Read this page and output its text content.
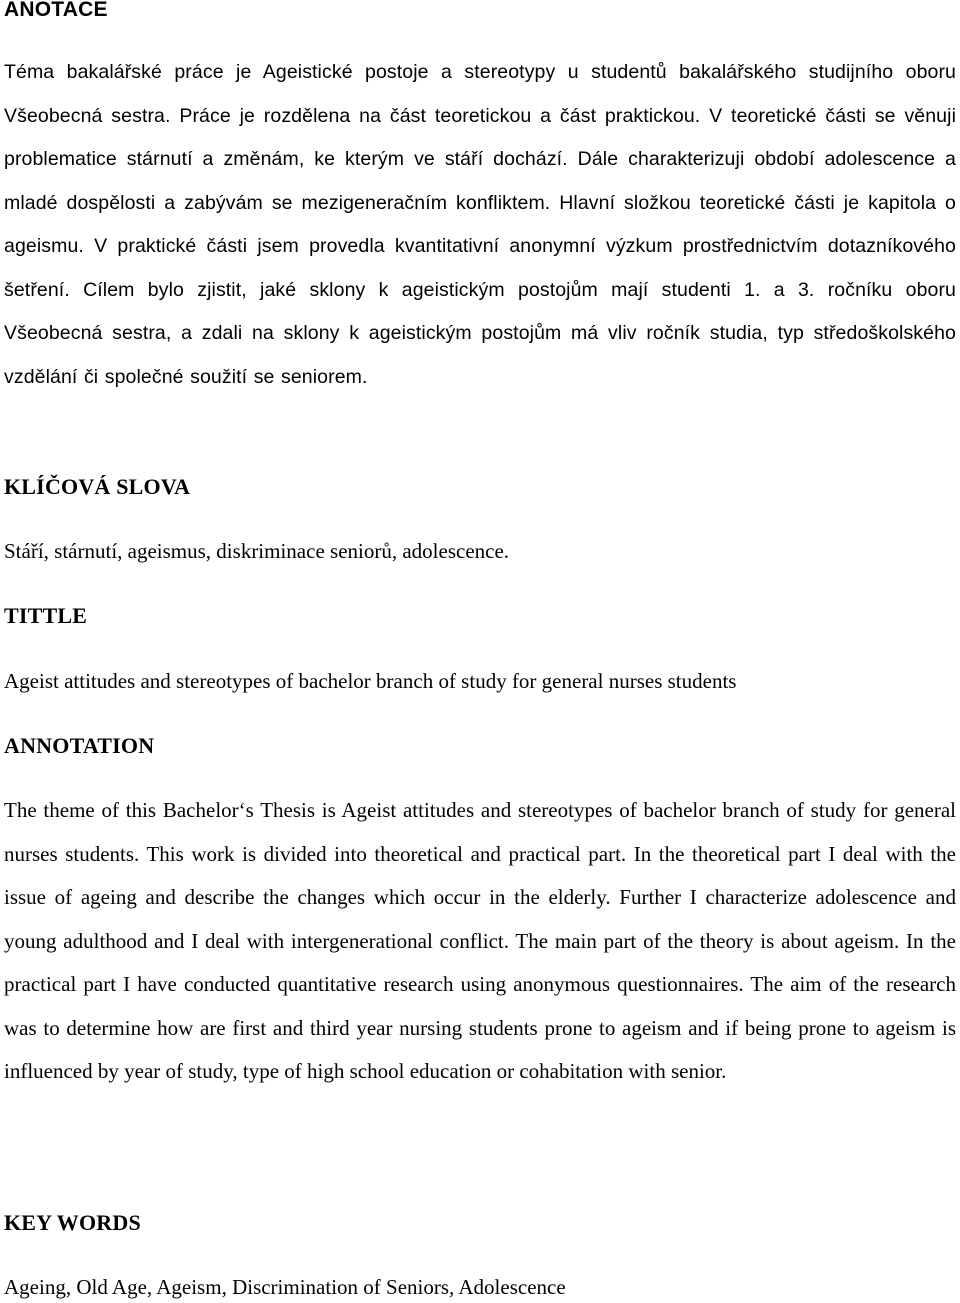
ANOTACE

Téma bakalářské práce je Ageistické postoje a stereotypy u studentů bakalářského studijního oboru Všeobecná sestra. Práce je rozdělena na část teoretickou a část praktickou. V teoretické části se věnuji problematice stárnutí a změnám, ke kterým ve stáří dochází. Dále charakterizuji období adolescence a mladé dospělosti a zabývám se mezigeneračním konfliktem. Hlavní složkou teoretické části je kapitola o ageismu. V praktické části jsem provedla kvantitativní anonymní výzkum prostřednictvím dotazníkového šetření. Cílem bylo zjistit, jaké sklony k ageistickým postojům mají studenti 1. a 3. ročníku oboru Všeobecná sestra, a zdali na sklony k ageistickým postojům má vliv ročník studia, typ středoškolského vzdělání či společné soužití se seniorem.

KLÍČOVÁ SLOVA

Stáří, stárnutí, ageismus, diskriminace seniorů, adolescence.

TITTLE

Ageist attitudes and stereotypes of bachelor branch of study for general nurses students

ANNOTATION

The theme of this Bachelor‘s Thesis is Ageist attitudes and stereotypes of bachelor branch of study for general nurses students. This work is divided into theoretical and practical part. In the theoretical part I deal with the issue of ageing and describe the changes which occur in the elderly. Further I characterize adolescence and young adulthood and I deal with intergenerational conflict. The main part of the theory is about ageism. In the practical part I have conducted quantitative research using anonymous questionnaires. The aim of the research was to determine how are first and third year nursing students prone to ageism and if being prone to ageism is influenced by year of study, type of high school education or cohabitation with senior.

KEY WORDS

Ageing, Old Age, Ageism, Discrimination of Seniors, Adolescence
